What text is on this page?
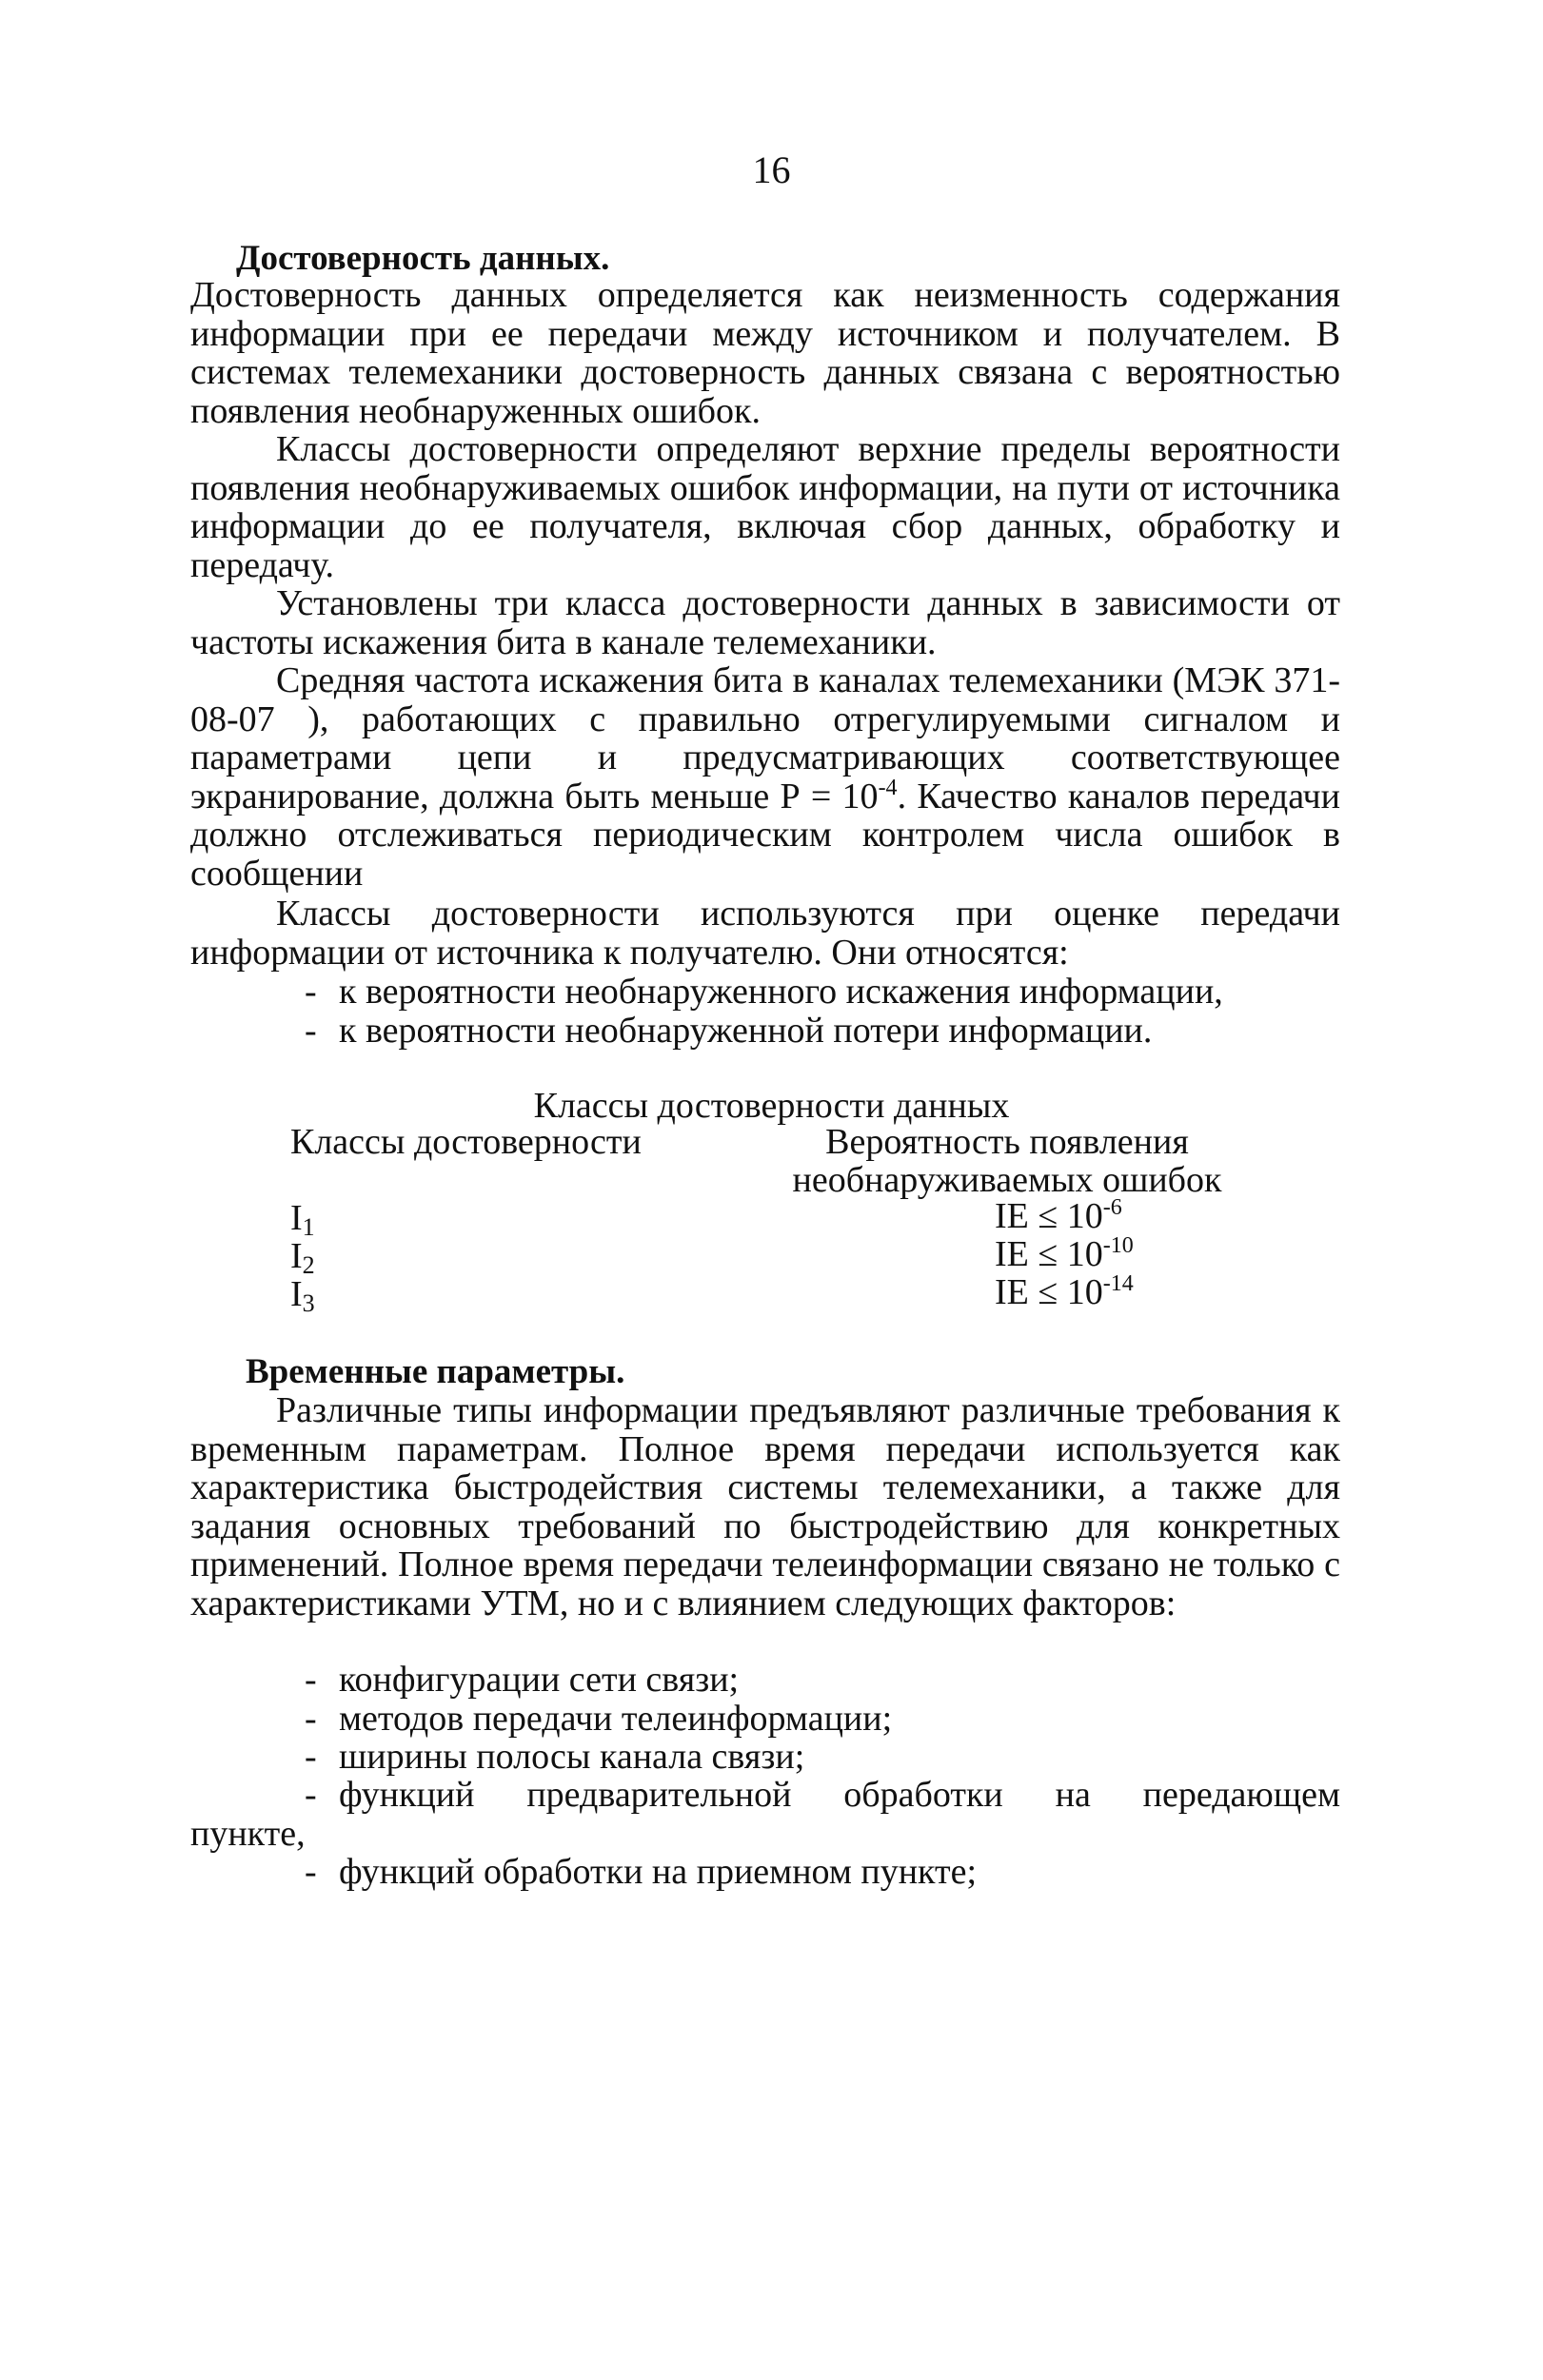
16
Достоверность данных.
Достоверность данных определяется как неизменность содержания информации при ее передачи между источником и получателем. В системах телемеханики достоверность данных связана с вероятностью появления необнаруженных ошибок.
Классы достоверности определяют верхние пределы вероятности появления необнаруживаемых ошибок информации, на пути от источника информации до ее получателя, включая сбор данных, обработку и передачу.
Установлены три класса достоверности данных в зависимости от частоты искажения бита в канале телемеханики.
Средняя частота искажения бита в каналах телемеханики (МЭК 371-08-07 ), работающих с правильно отрегулируемыми сигналом и параметрами цепи и предусматривающих соответствующее экранирование, должна быть меньше $Р = 10^{-4}$. Качество каналов передачи должно отслеживаться периодическим контролем числа ошибок в сообщении
Классы достоверности используются при оценке передачи информации от источника к получателю. Они относятся:
- к вероятности необнаруженного искажения информации,
- к вероятности необнаруженной потери информации.
Классы достоверности данных
Классы достоверности	Вероятность появления
необнаруживаемых ошибок
$I_1$	IE ≤ $10^{-6}$
$I_2$	IE ≤ $10^{-10}$
$I_3$	IE ≤ $10^{-14}$
Временные параметры.
Различные типы информации предъявляют различные требования к временным параметрам. Полное время передачи используется как характеристика быстродействия системы телемеханики, а также для задания основных требований по быстродействию для конкретных применений. Полное время передачи телеинформации связано не только с характеристиками УТМ, но и с влиянием следующих факторов:
- конфигурации сети связи;
- методов передачи телеинформации;
- ширины полосы канала связи;
- функций предварительной обработки на передающем
пункте,
- функций обработки на приемном пункте;
